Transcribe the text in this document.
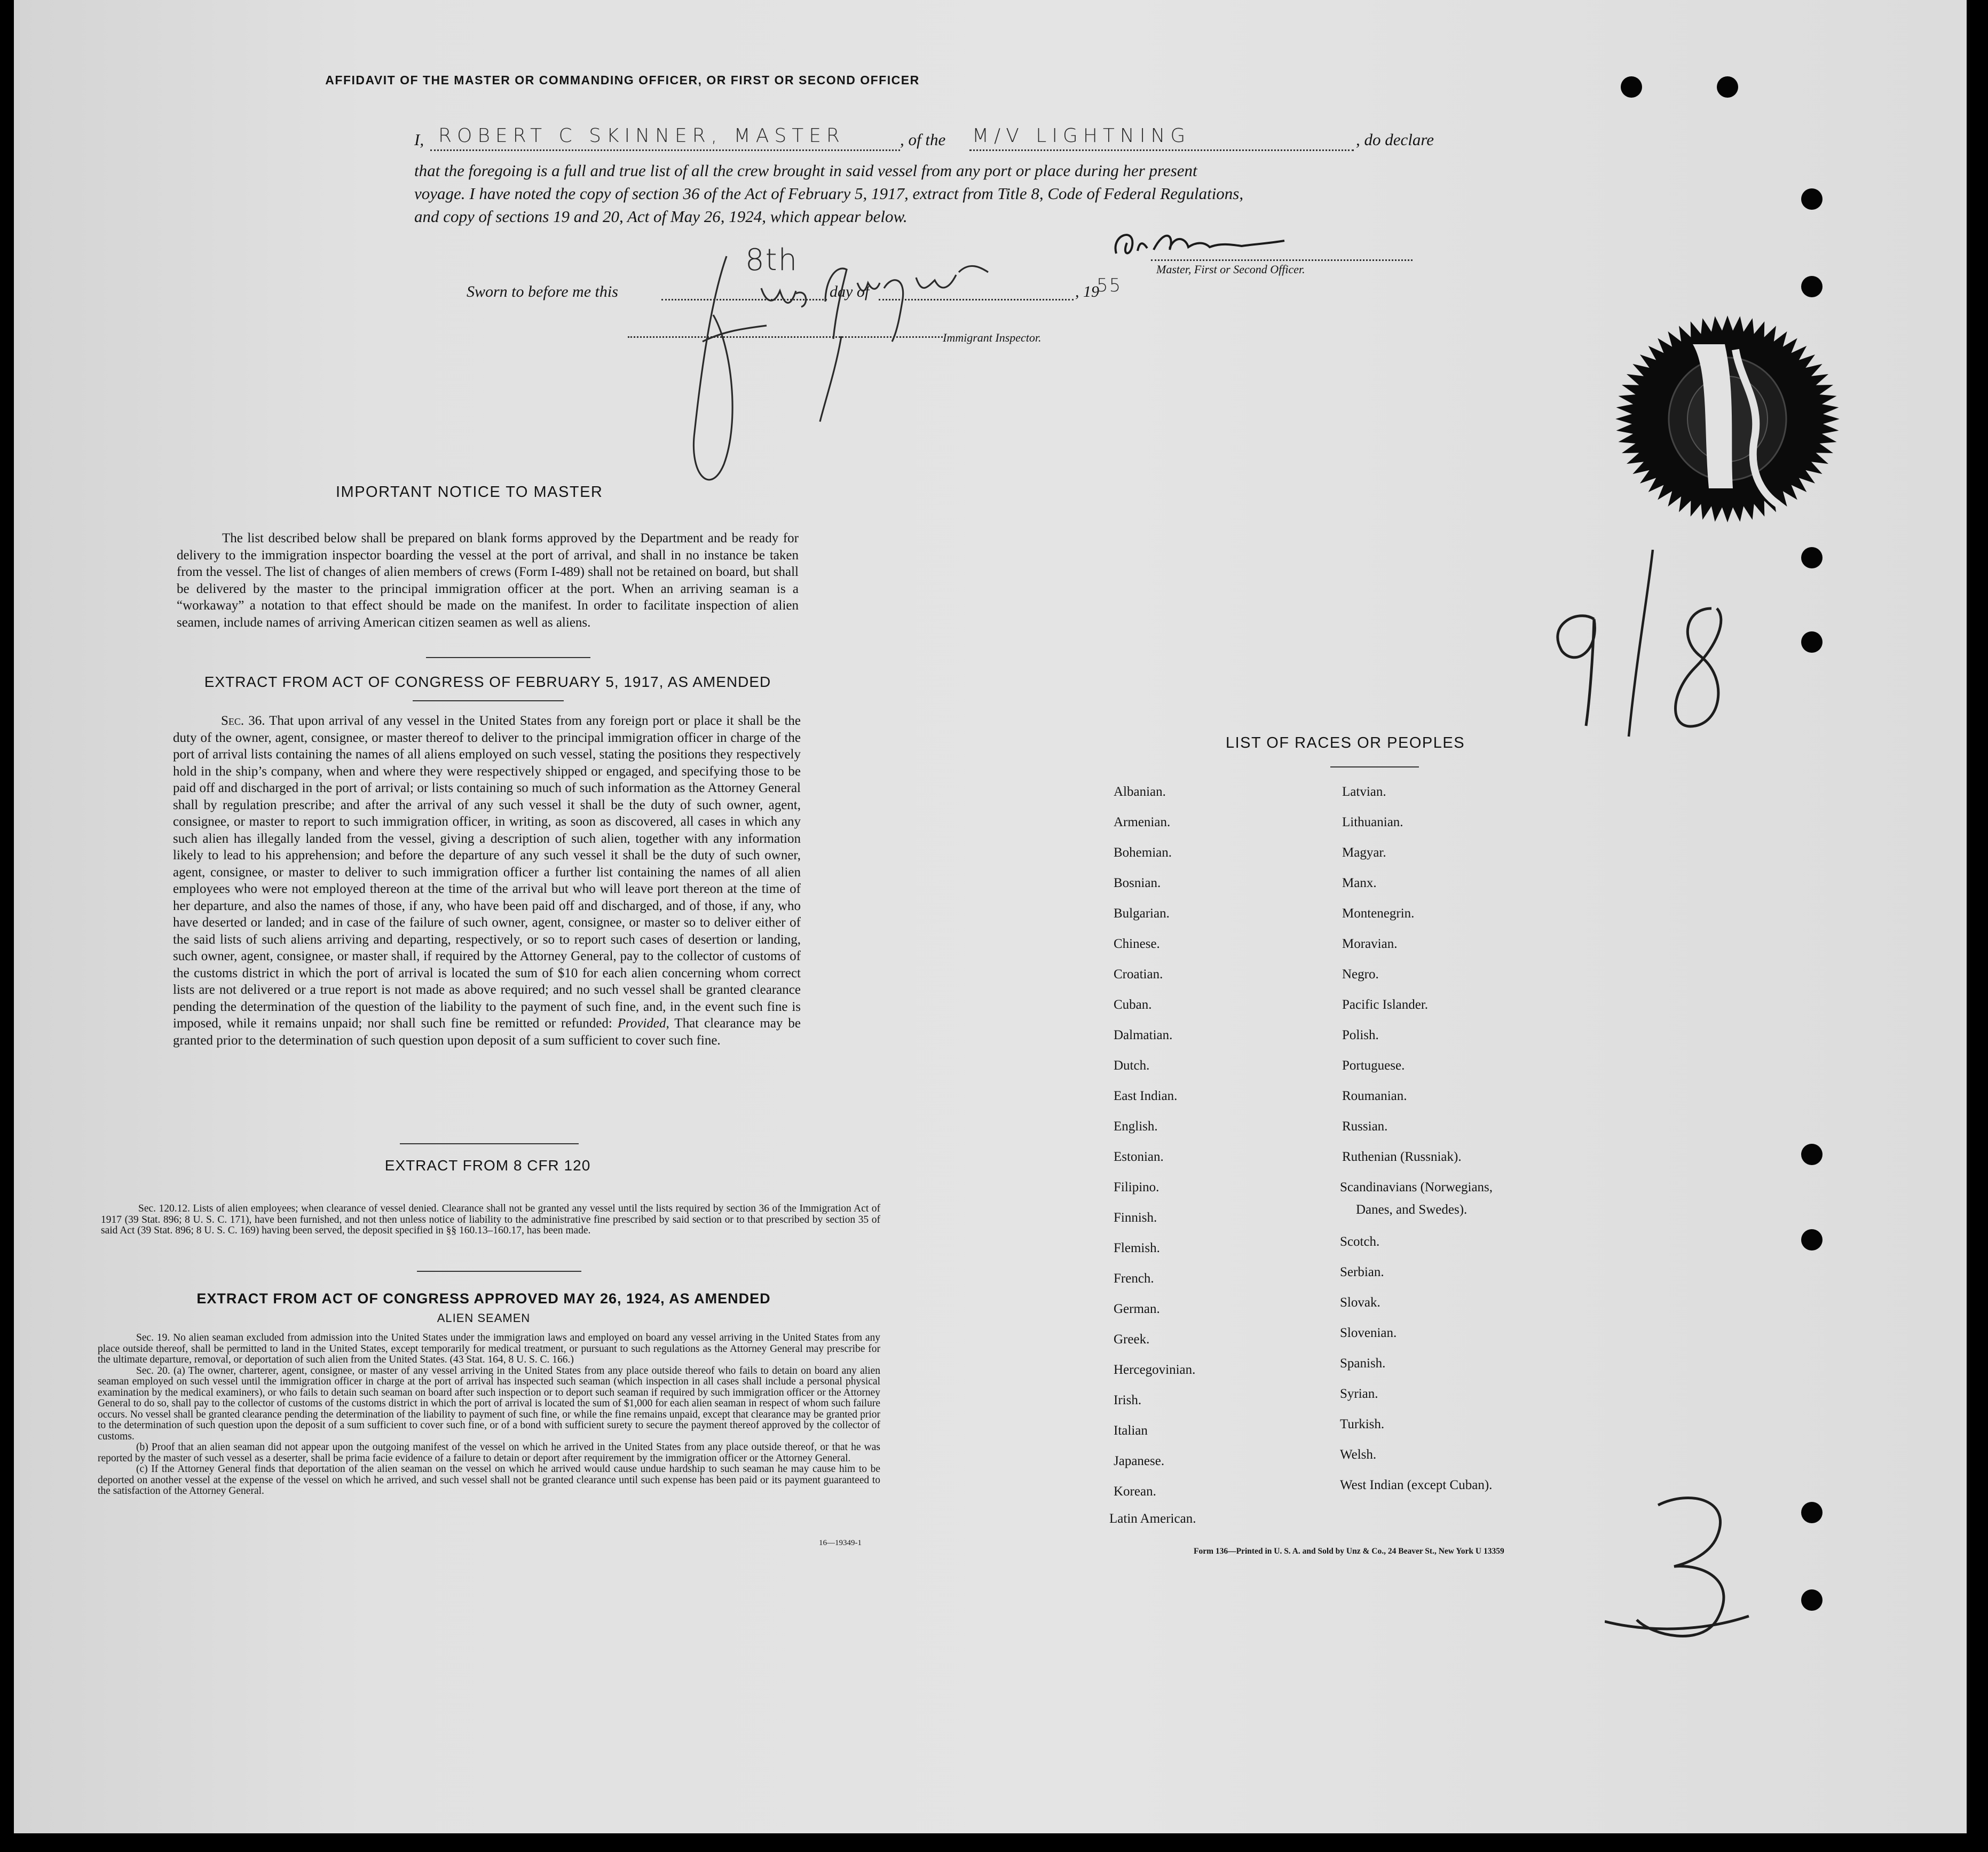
AFFIDAVIT OF THE MASTER OR COMMANDING OFFICER, OR FIRST OR SECOND OFFICER
I, ROBERT C SKINNER, MASTER	, of the M/V LIGHTNING	, do declare
that the foregoing is a full and true list of all the crew brought in said vessel from any port or place during her present
voyage. I have noted the copy of section 36 of the Act of February 5, 1917, extract from Title 8, Code of Federal Regulations,
and copy of sections 19 and 20, Act of May 26, 1924, which appear below.
Master, First or Second Officer.
Sworn to before me this
8th
day of	, 19
55
Immigrant Inspector.
IMPORTANT NOTICE TO MASTER
The list described below shall be prepared on blank forms approved by the Department and be ready for delivery to the immigration inspector boarding the vessel at the port of arrival, and shall in no instance be taken from the vessel. The list of changes of alien members of crews (Form I-489) shall not be retained on board, but shall be delivered by the master to the principal immigration officer at the port. When an arriving seaman is a “workaway” a notation to that effect should be made on the manifest. In order to facilitate inspection of alien seamen, include names of arriving American citizen seamen as well as aliens.
EXTRACT FROM ACT OF CONGRESS OF FEBRUARY 5, 1917, AS AMENDED
Sec. 36. That upon arrival of any vessel in the United States from any foreign port or place it shall be the duty of the owner, agent, consignee, or master thereof to deliver to the principal immigration officer in charge of the port of arrival lists containing the names of all aliens employed on such vessel, stating the positions they respectively hold in the ship’s company, when and where they were respectively shipped or engaged, and specifying those to be paid off and discharged in the port of arrival; or lists containing so much of such information as the Attorney General shall by regulation prescribe; and after the arrival of any such vessel it shall be the duty of such owner, agent, consignee, or master to report to such immigration officer, in writing, as soon as discovered, all cases in which any such alien has illegally landed from the vessel, giving a description of such alien, together with any information likely to lead to his apprehension; and before the departure of any such vessel it shall be the duty of such owner, agent, consignee, or master to deliver to such immigration officer a further list containing the names of all alien employees who were not employed thereon at the time of the arrival but who will leave port thereon at the time of her departure, and also the names of those, if any, who have been paid off and discharged, and of those, if any, who have deserted or landed; and in case of the failure of such owner, agent, consignee, or master so to deliver either of the said lists of such aliens arriving and departing, respectively, or so to report such cases of desertion or landing, such owner, agent, consignee, or master shall, if required by the Attorney General, pay to the collector of customs of the customs district in which the port of arrival is located the sum of $10 for each alien concerning whom correct lists are not delivered or a true report is not made as above required; and no such vessel shall be granted clearance pending the determination of the question of the liability to the payment of such fine, and, in the event such fine is imposed, while it remains unpaid; nor shall such fine be remitted or refunded: Provided, That clearance may be granted prior to the determination of such question upon deposit of a sum sufficient to cover such fine.
EXTRACT FROM 8 CFR 120
Sec. 120.12. Lists of alien employees; when clearance of vessel denied. Clearance shall not be granted any vessel until the lists required by section 36 of the Immigration Act of 1917 (39 Stat. 896; 8 U. S. C. 171), have been furnished, and not then unless notice of liability to the administrative fine prescribed by said section or to that prescribed by section 35 of said Act (39 Stat. 896; 8 U. S. C. 169) having been served, the deposit specified in §§ 160.13–160.17, has been made.
EXTRACT FROM ACT OF CONGRESS APPROVED MAY 26, 1924, AS AMENDED
ALIEN SEAMEN
Sec. 19. No alien seaman excluded from admission into the United States under the immigration laws and employed on board any vessel arriving in the United States from any place outside thereof, shall be permitted to land in the United States, except temporarily for medical treatment, or pursuant to such regulations as the Attorney General may prescribe for the ultimate departure, removal, or deportation of such alien from the United States. (43 Stat. 164, 8 U. S. C. 166.)
Sec. 20. (a) The owner, charterer, agent, consignee, or master of any vessel arriving in the United States from any place outside thereof who fails to detain on board any alien seaman employed on such vessel until the immigration officer in charge at the port of arrival has inspected such seaman (which inspection in all cases shall include a personal physical examination by the medical examiners), or who fails to detain such seaman on board after such inspection or to deport such seaman if required by such immigration officer or the Attorney General to do so, shall pay to the collector of customs of the customs district in which the port of arrival is located the sum of $1,000 for each alien seaman in respect of whom such failure occurs. No vessel shall be granted clearance pending the determination of the liability to payment of such fine, or while the fine remains unpaid, except that clearance may be granted prior to the determination of such question upon the deposit of a sum sufficient to cover such fine, or of a bond with sufficient surety to secure the payment thereof approved by the collector of customs.
(b) Proof that an alien seaman did not appear upon the outgoing manifest of the vessel on which he arrived in the United States from any place outside thereof, or that he was reported by the master of such vessel as a deserter, shall be prima facie evidence of a failure to detain or deport after requirement by the immigration officer or the Attorney General.
(c) If the Attorney General finds that deportation of the alien seaman on the vessel on which he arrived would cause undue hardship to such seaman he may cause him to be deported on another vessel at the expense of the vessel on which he arrived, and such vessel shall not be granted clearance until such expense has been paid or its payment guaranteed to the satisfaction of the Attorney General.
16—19349-1
LIST OF RACES OR PEOPLES
Albanian.
Armenian.
Bohemian.
Bosnian.
Bulgarian.
Chinese.
Croatian.
Cuban.
Dalmatian.
Dutch.
East Indian.
English.
Estonian.
Filipino.
Finnish.
Flemish.
French.
German.
Greek.
Hercegovinian.
Irish.
Italian
Japanese.
Korean.
Latin American.
Latvian.
Lithuanian.
Magyar.
Manx.
Montenegrin.
Moravian.
Negro.
Pacific Islander.
Polish.
Portuguese.
Roumanian.
Russian.
Ruthenian (Russniak).
Scandinavians (Norwegians,
Danes, and Swedes).
Scotch.
Serbian.
Slovak.
Slovenian.
Spanish.
Syrian.
Turkish.
Welsh.
West Indian (except Cuban).
Form 136—Printed in U. S. A. and Sold by Unz & Co., 24 Beaver St., New York U 13359
